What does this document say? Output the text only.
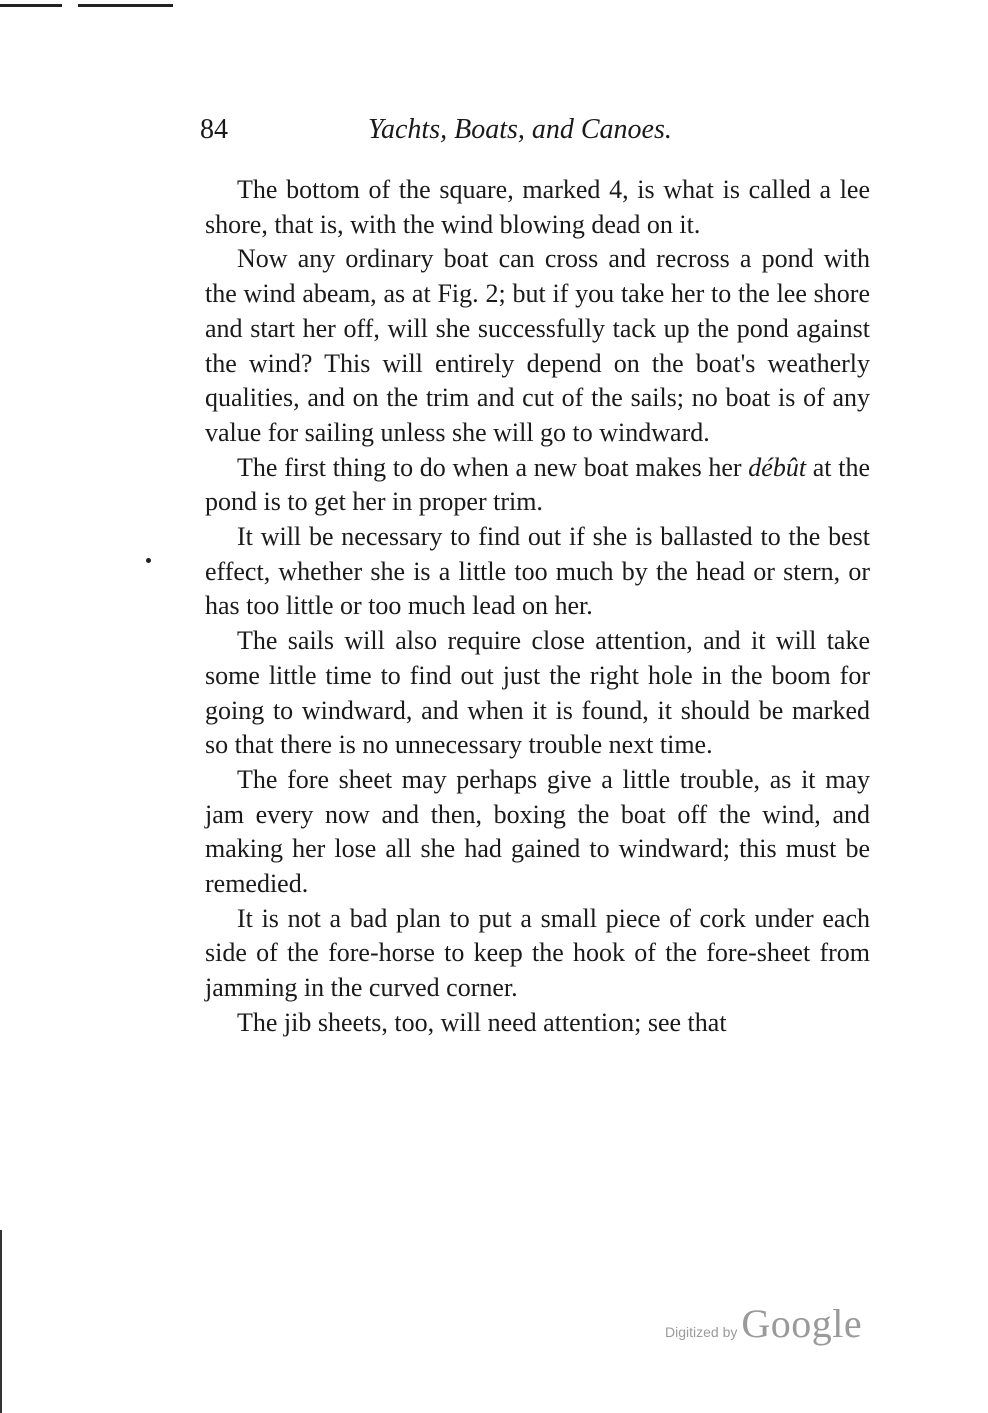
84	Yachts, Boats, and Canoes.

The bottom of the square, marked 4, is what is called a lee shore, that is, with the wind blowing dead on it.

Now any ordinary boat can cross and recross a pond with the wind abeam, as at Fig. 2; but if you take her to the lee shore and start her off, will she successfully tack up the pond against the wind? This will entirely depend on the boat's weatherly qualities, and on the trim and cut of the sails; no boat is of any value for sailing unless she will go to windward.

The first thing to do when a new boat makes her débût at the pond is to get her in proper trim.

It will be necessary to find out if she is ballasted to the best effect, whether she is a little too much by the head or stern, or has too little or too much lead on her.

The sails will also require close attention, and it will take some little time to find out just the right hole in the boom for going to windward, and when it is found, it should be marked so that there is no unnecessary trouble next time.

The fore sheet may perhaps give a little trouble, as it may jam every now and then, boxing the boat off the wind, and making her lose all she had gained to windward; this must be remedied.

It is not a bad plan to put a small piece of cork under each side of the fore-horse to keep the hook of the fore-sheet from jamming in the curved corner.

The jib sheets, too, will need attention; see that

Digitized by Google
